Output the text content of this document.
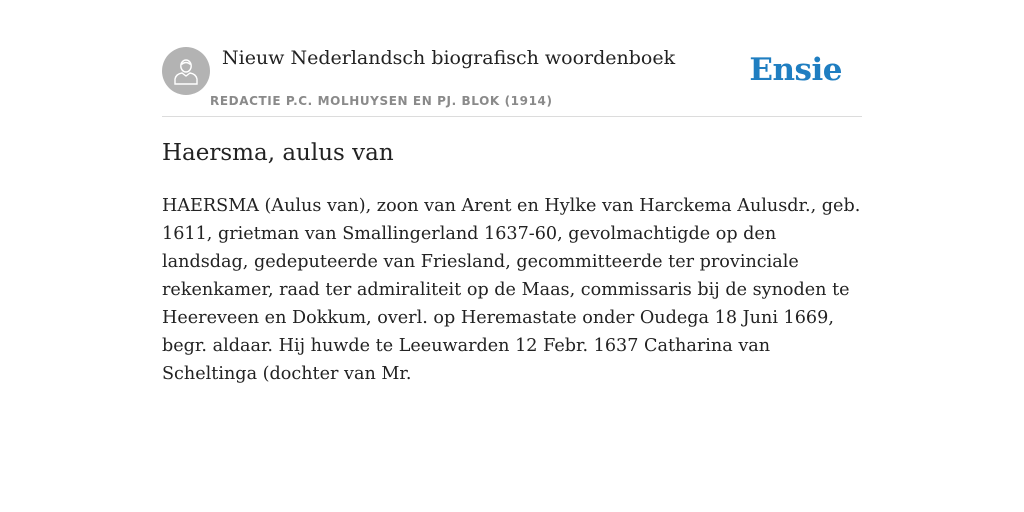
Nieuw Nederlandsch biografisch woordenboek
REDACTIE P.C. MOLHUYSEN EN PJ. BLOK (1914)
Ensie
Haersma, aulus van

HAERSMA (Aulus van), zoon van Arent en Hylke van Harckema Aulusdr., geb. 1611, grietman van Smallingerland 1637-60, gevolmachtigde op den landsdag, gedeputeerde van Friesland, gecommitteerde ter provinciale rekenkamer, raad ter admiraliteit op de Maas, commissaris bij de synoden te Heereveen en Dokkum, overl. op Heremastate onder Oudega 18 Juni 1669, begr. aldaar. Hij huwde te Leeuwarden 12 Febr. 1637 Catharina van Scheltinga (dochter van Mr.
